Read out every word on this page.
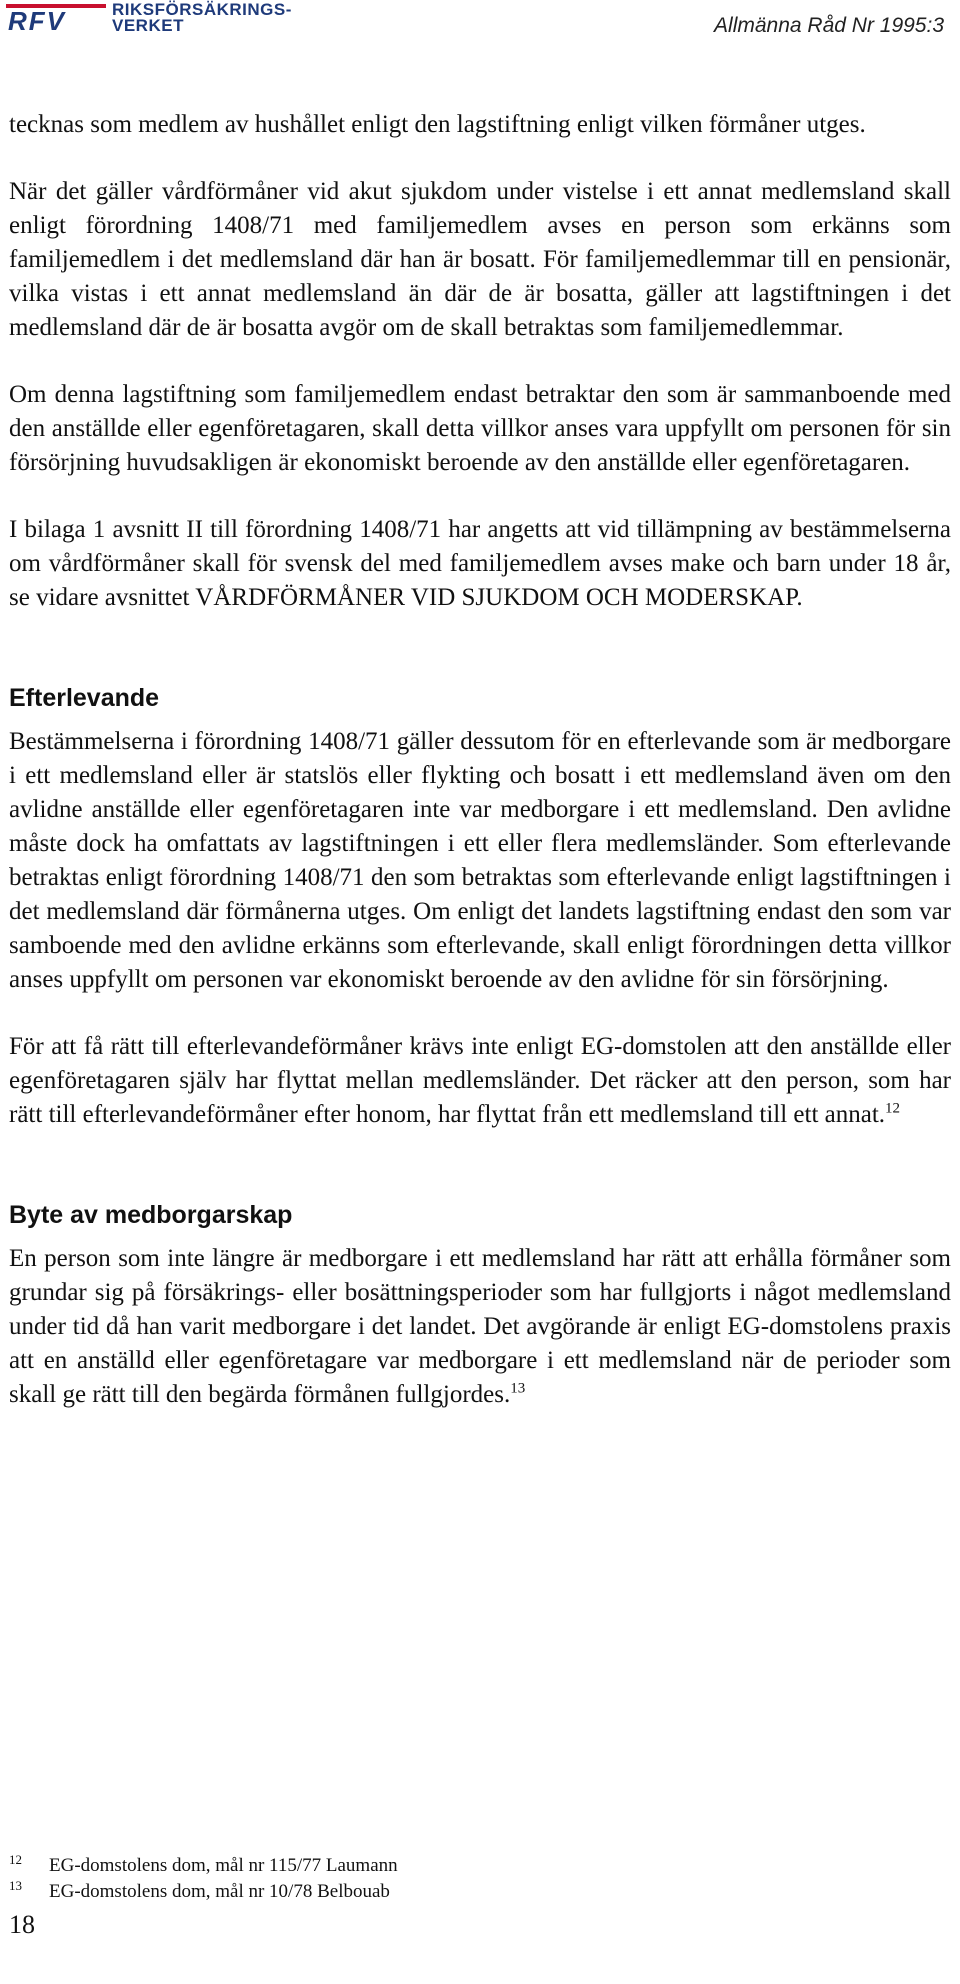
RFV	RIKSFÖRSÄKRINGS-
VERKET	Allmänna Råd Nr 1995:3

tecknas som medlem av hushållet enligt den lagstiftning enligt vilken förmåner utges.

När det gäller vårdförmåner vid akut sjukdom under vistelse i ett annat medlemsland skall enligt förordning 1408/71 med familjemedlem avses en person som erkänns som familjemedlem i det medlemsland där han är bosatt. För familjemedlemmar till en pensionär, vilka vistas i ett annat medlemsland än där de är bosatta, gäller att lagstiftningen i det medlemsland där de är bosatta avgör om de skall betraktas som familjemedlemmar.

Om denna lagstiftning som familjemedlem endast betraktar den som är sammanboende med den anställde eller egenföretagaren, skall detta villkor anses vara uppfyllt om personen för sin försörjning huvudsakligen är ekonomiskt beroende av den anställde eller egenföretagaren.

I bilaga 1 avsnitt II till förordning 1408/71 har angetts att vid tillämpning av bestämmelserna om vårdförmåner skall för svensk del med familjemedlem avses make och barn under 18 år, se vidare avsnittet VÅRDFÖRMÅNER VID SJUKDOM OCH MODERSKAP.

Efterlevande

Bestämmelserna i förordning 1408/71 gäller dessutom för en efterlevande som är medborgare i ett medlemsland eller är statslös eller flykting och bosatt i ett medlemsland även om den avlidne anställde eller egenföretagaren inte var medborgare i ett medlemsland. Den avlidne måste dock ha omfattats av lagstiftningen i ett eller flera medlemsländer. Som efterlevande betraktas enligt förordning 1408/71 den som betraktas som efterlevande enligt lagstiftningen i det medlemsland där förmånerna utges. Om enligt det landets lagstiftning endast den som var samboende med den avlidne erkänns som efterlevande, skall enligt förordningen detta villkor anses uppfyllt om personen var ekonomiskt beroende av den avlidne för sin försörjning.

För att få rätt till efterlevandeförmåner krävs inte enligt EG-domstolen att den anställde eller egenföretagaren själv har flyttat mellan medlemsländer. Det räcker att den person, som har rätt till efterlevandeförmåner efter honom, har flyttat från ett medlemsland till ett annat.$^{12}$

Byte av medborgarskap

En person som inte längre är medborgare i ett medlemsland har rätt att erhålla förmåner som grundar sig på försäkrings- eller bosättningsperioder som har fullgjorts i något medlemsland under tid då han varit medborgare i det landet. Det avgörande är enligt EG-domstolens praxis att en anställd eller egenföretagare var medborgare i ett medlemsland när de perioder som skall ge rätt till den begärda förmånen fullgjordes.$^{13}$

12 EG-domstolens dom, mål nr 115/77 Laumann
13 EG-domstolens dom, mål nr 10/78 Belbouab
18
